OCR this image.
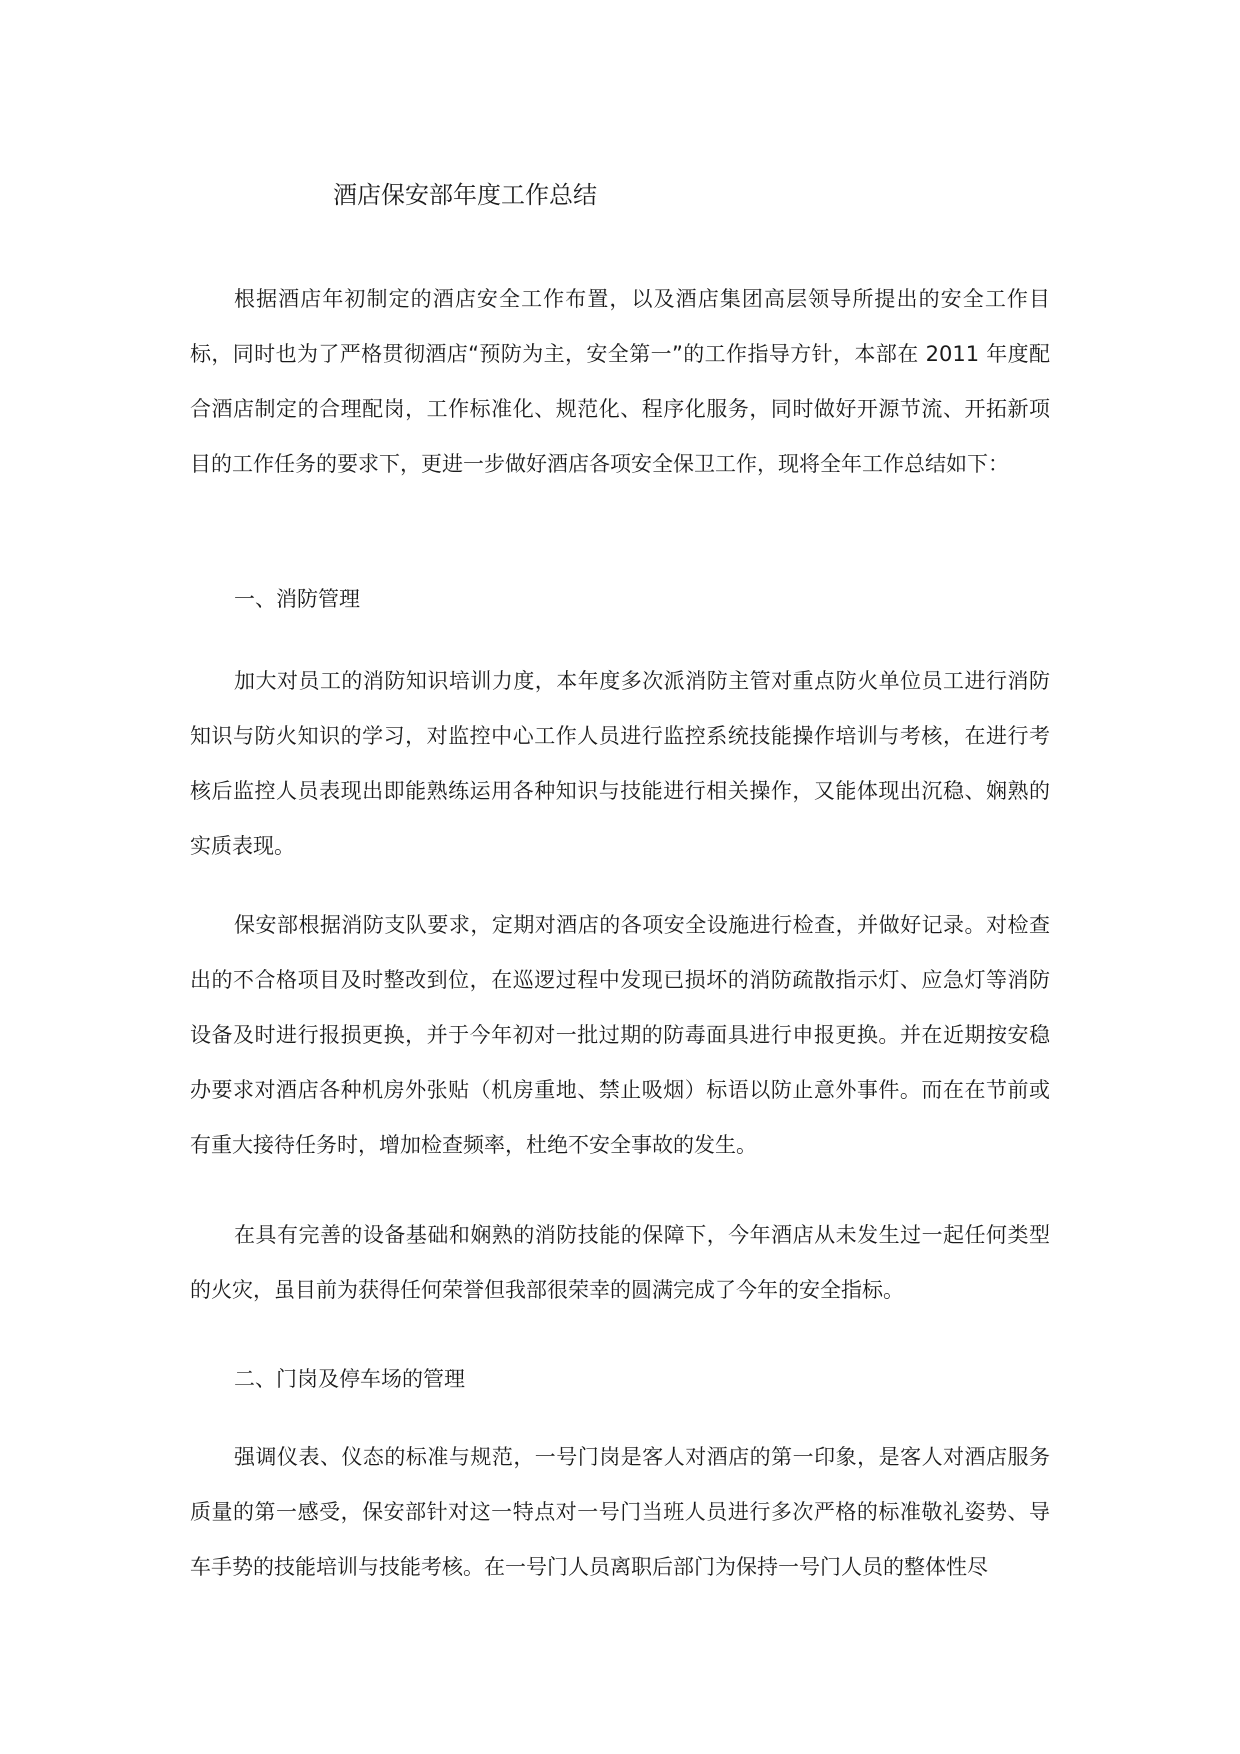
酒店保安部年度工作总结

根据酒店年初制定的酒店安全工作布置，以及酒店集团高层领导所提出的安全工作目标，同时也为了严格贯彻酒店“预防为主，安全第一”的工作指导方针，本部在 2011 年度配合酒店制定的合理配岗，工作标准化、规范化、程序化服务，同时做好开源节流、开拓新项目的工作任务的要求下，更进一步做好酒店各项安全保卫工作，现将全年工作总结如下：

一、消防管理

加大对员工的消防知识培训力度，本年度多次派消防主管对重点防火单位员工进行消防知识与防火知识的学习，对监控中心工作人员进行监控系统技能操作培训与考核，在进行考核后监控人员表现出即能熟练运用各种知识与技能进行相关操作，又能体现出沉稳、娴熟的实质表现。

保安部根据消防支队要求，定期对酒店的各项安全设施进行检查，并做好记录。对检查出的不合格项目及时整改到位，在巡逻过程中发现已损坏的消防疏散指示灯、应急灯等消防设备及时进行报损更换，并于今年初对一批过期的防毒面具进行申报更换。并在近期按安稳办要求对酒店各种机房外张贴（机房重地、禁止吸烟）标语以防止意外事件。而在在节前或有重大接待任务时，增加检查频率，杜绝不安全事故的发生。

在具有完善的设备基础和娴熟的消防技能的保障下，今年酒店从未发生过一起任何类型的火灾，虽目前为获得任何荣誉但我部很荣幸的圆满完成了今年的安全指标。

二、门岗及停车场的管理

强调仪表、仪态的标准与规范，一号门岗是客人对酒店的第一印象，是客人对酒店服务质量的第一感受，保安部针对这一特点对一号门当班人员进行多次严格的标准敬礼姿势、导车手势的技能培训与技能考核。在一号门人员离职后部门为保持一号门人员的整体性尽
